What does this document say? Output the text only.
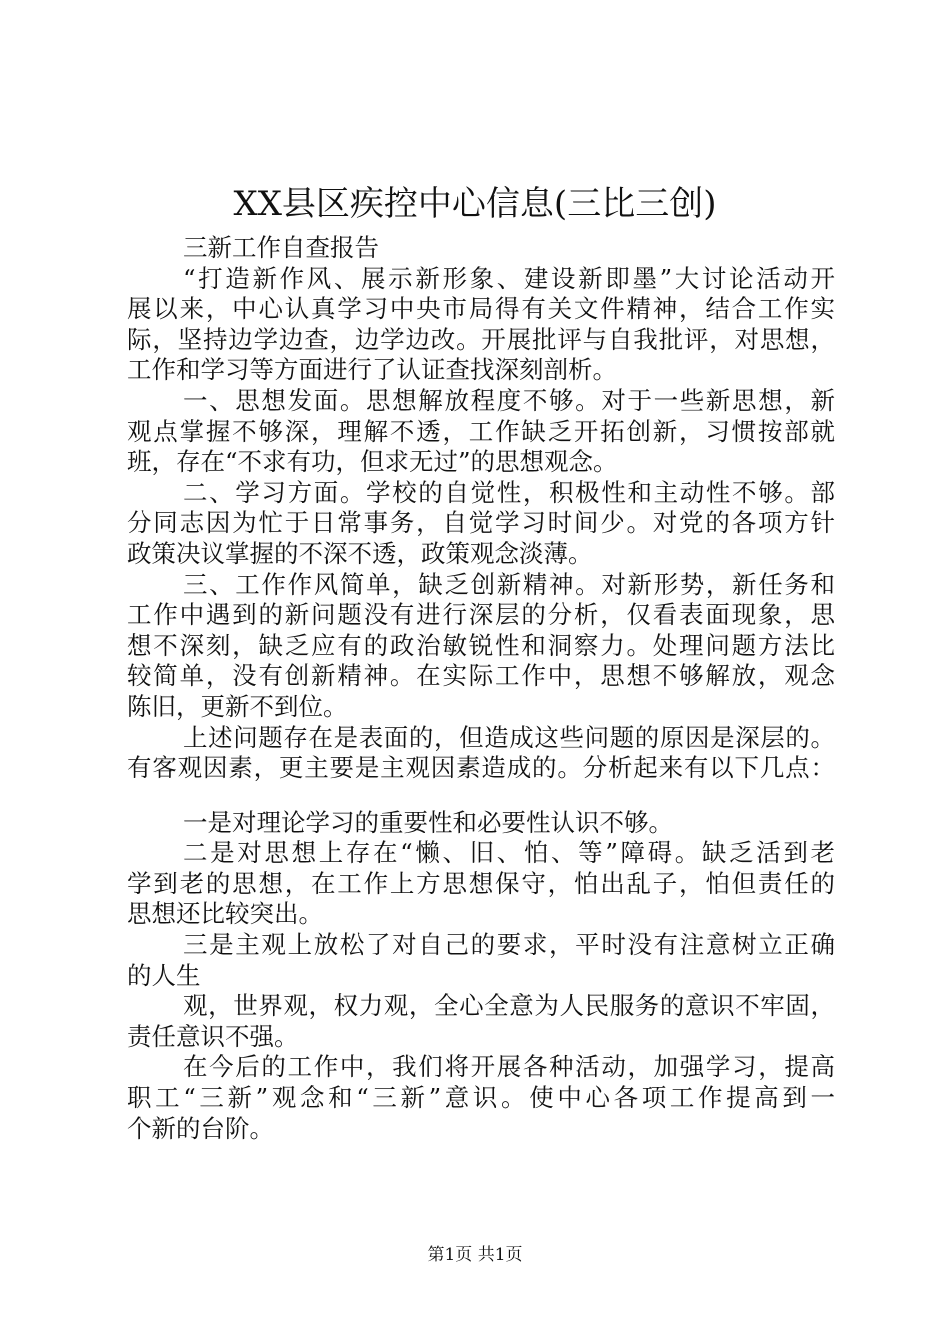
XX县区疾控中心信息(三比三创)
三新工作自查报告
“打造新作风、展示新形象、建设新即墨”大讨论活动开
展以来，中心认真学习中央市局得有关文件精神，结合工作实
际，坚持边学边查，边学边改。开展批评与自我批评，对思想，
工作和学习等方面进行了认证查找深刻剖析。
一、思想发面。思想解放程度不够。对于一些新思想，新
观点掌握不够深，理解不透，工作缺乏开拓创新，习惯按部就
班，存在“不求有功，但求无过”的思想观念。
二、学习方面。学校的自觉性，积极性和主动性不够。部
分同志因为忙于日常事务，自觉学习时间少。对党的各项方针
政策决议掌握的不深不透，政策观念淡薄。
三、工作作风简单，缺乏创新精神。对新形势，新任务和
工作中遇到的新问题没有进行深层的分析，仅看表面现象，思
想不深刻，缺乏应有的政治敏锐性和洞察力。处理问题方法比
较简单，没有创新精神。在实际工作中，思想不够解放，观念
陈旧，更新不到位。
上述问题存在是表面的，但造成这些问题的原因是深层的。
有客观因素，更主要是主观因素造成的。分析起来有以下几点：
一是对理论学习的重要性和必要性认识不够。
二是对思想上存在“懒、旧、怕、等”障碍。缺乏活到老
学到老的思想，在工作上方思想保守，怕出乱子，怕但责任的
思想还比较突出。
三是主观上放松了对自己的要求，平时没有注意树立正确
的人生
观，世界观，权力观，全心全意为人民服务的意识不牢固，
责任意识不强。
在今后的工作中，我们将开展各种活动，加强学习，提高
职工“三新”观念和“三新”意识。使中心各项工作提高到一
个新的台阶。
第1页 共1页
